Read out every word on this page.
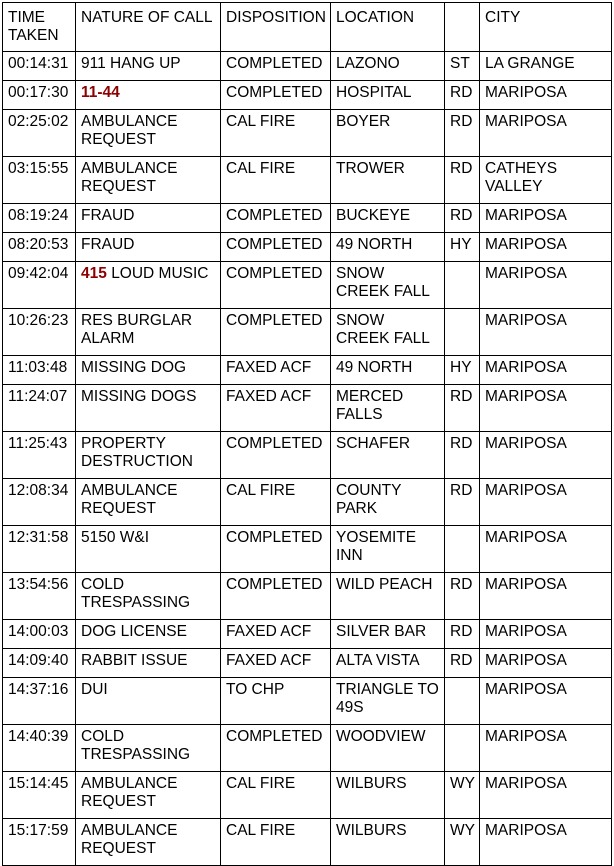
TIME TAKEN	NATURE OF CALL	DISPOSITION	LOCATION		CITY
00:14:31	911 HANG UP	COMPLETED	LAZONO	ST	LA GRANGE
00:17:30	11-44	COMPLETED	HOSPITAL	RD	MARIPOSA
02:25:02	AMBULANCE REQUEST	CAL FIRE	BOYER	RD	MARIPOSA
03:15:55	AMBULANCE REQUEST	CAL FIRE	TROWER	RD	CATHEYS VALLEY
08:19:24	FRAUD	COMPLETED	BUCKEYE	RD	MARIPOSA
08:20:53	FRAUD	COMPLETED	49 NORTH	HY	MARIPOSA
09:42:04	415 LOUD MUSIC	COMPLETED	SNOW CREEK FALL		MARIPOSA
10:26:23	RES BURGLAR ALARM	COMPLETED	SNOW CREEK FALL		MARIPOSA
11:03:48	MISSING DOG	FAXED ACF	49 NORTH	HY	MARIPOSA
11:24:07	MISSING DOGS	FAXED ACF	MERCED FALLS	RD	MARIPOSA
11:25:43	PROPERTY DESTRUCTION	COMPLETED	SCHAFER	RD	MARIPOSA
12:08:34	AMBULANCE REQUEST	CAL FIRE	COUNTY PARK	RD	MARIPOSA
12:31:58	5150 W&I	COMPLETED	YOSEMITE INN		MARIPOSA
13:54:56	COLD TRESPASSING	COMPLETED	WILD PEACH	RD	MARIPOSA
14:00:03	DOG LICENSE	FAXED ACF	SILVER BAR	RD	MARIPOSA
14:09:40	RABBIT ISSUE	FAXED ACF	ALTA VISTA	RD	MARIPOSA
14:37:16	DUI	TO CHP	TRIANGLE TO 49S		MARIPOSA
14:40:39	COLD TRESPASSING	COMPLETED	WOODVIEW		MARIPOSA
15:14:45	AMBULANCE REQUEST	CAL FIRE	WILBURS	WY	MARIPOSA
15:17:59	AMBULANCE REQUEST	CAL FIRE	WILBURS	WY	MARIPOSA
